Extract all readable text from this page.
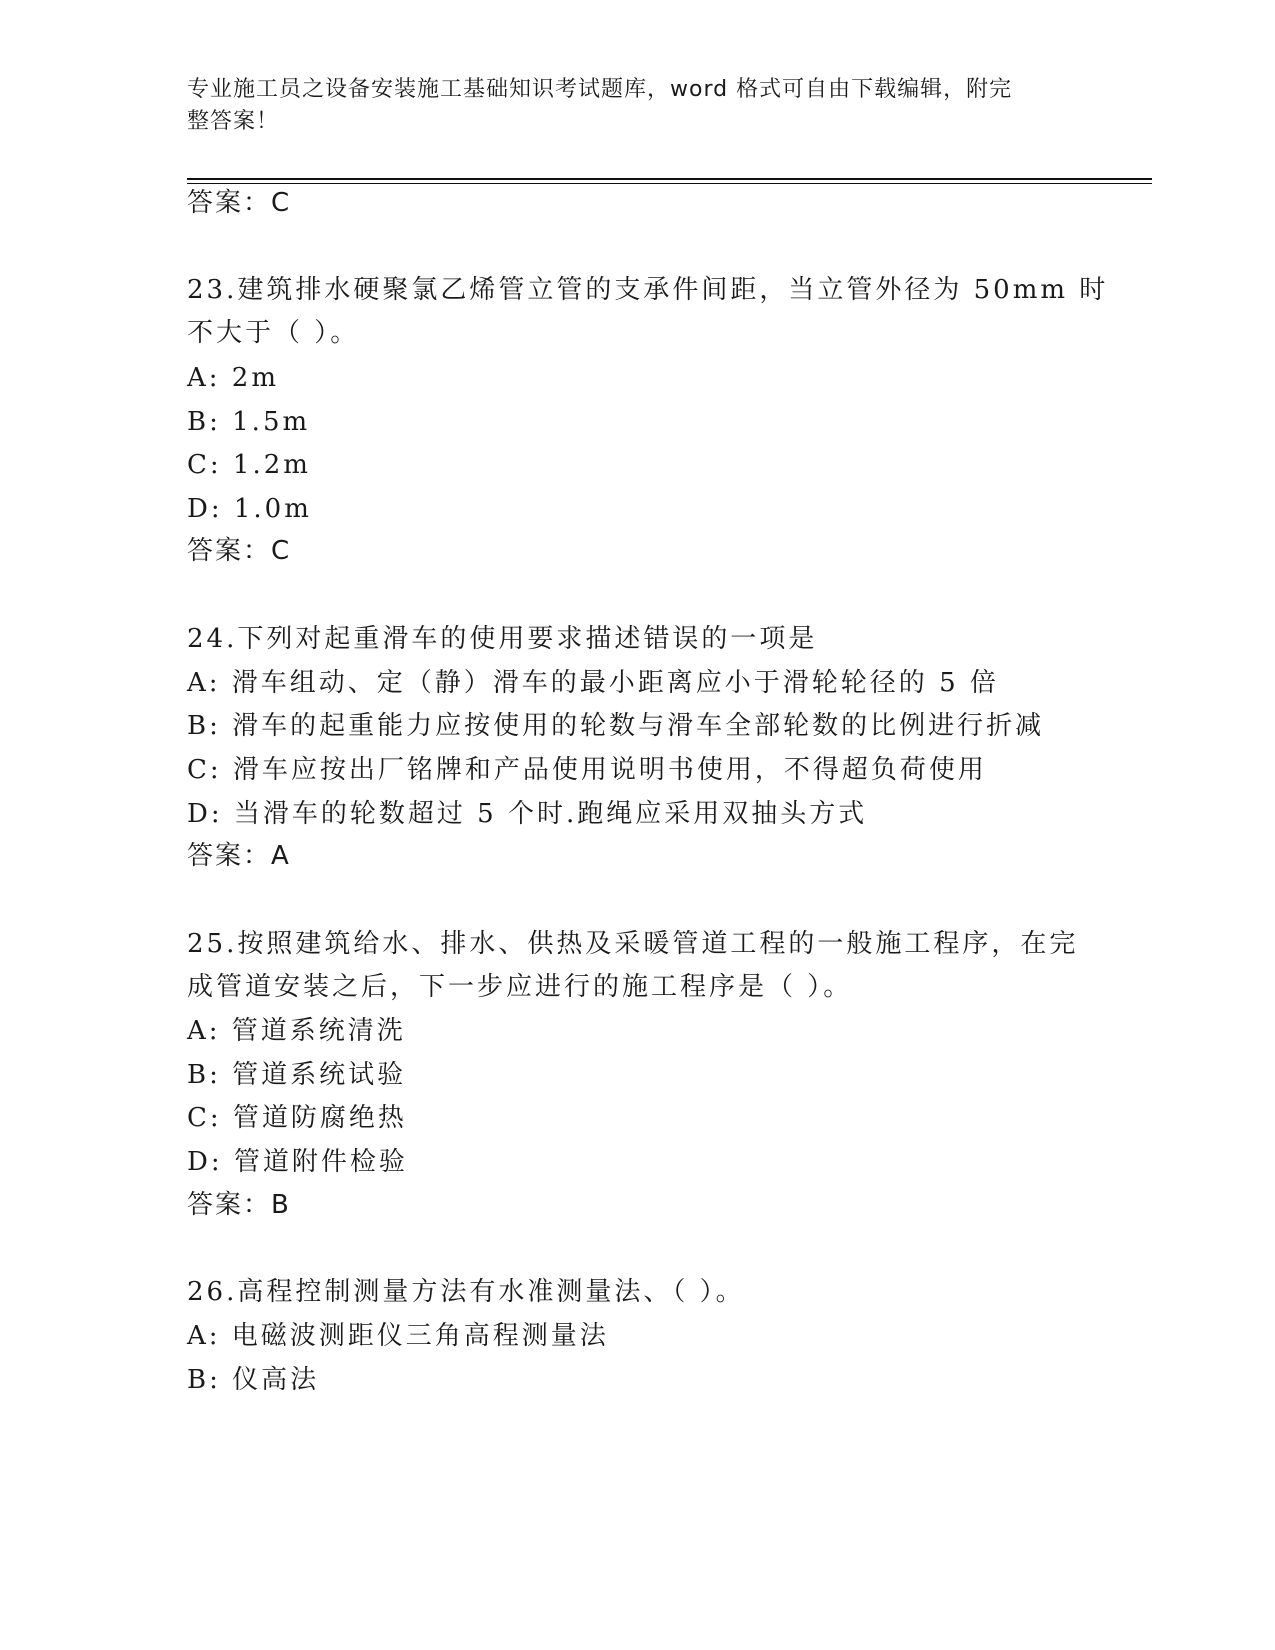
专业施工员之设备安装施工基础知识考试题库，word 格式可自由下载编辑，附完
整答案！
答案：C
23.建筑排水硬聚氯乙烯管立管的支承件间距，当立管外径为 50mm 时
不大于（ ）。
A: 2m
B: 1.5m
C: 1.2m
D: 1.0m
答案：C
24.下列对起重滑车的使用要求描述错误的一项是
A: 滑车组动、定（静）滑车的最小距离应小于滑轮轮径的 5 倍
B: 滑车的起重能力应按使用的轮数与滑车全部轮数的比例进行折减
C: 滑车应按出厂铭牌和产品使用说明书使用，不得超负荷使用
D: 当滑车的轮数超过 5 个时.跑绳应采用双抽头方式
答案：A
25.按照建筑给水、排水、供热及采暖管道工程的一般施工程序，在完
成管道安装之后，下一步应进行的施工程序是（ ）。
A: 管道系统清洗
B: 管道系统试验
C: 管道防腐绝热
D: 管道附件检验
答案：B
26.高程控制测量方法有水准测量法、（ ）。
A: 电磁波测距仪三角高程测量法
B: 仪高法
